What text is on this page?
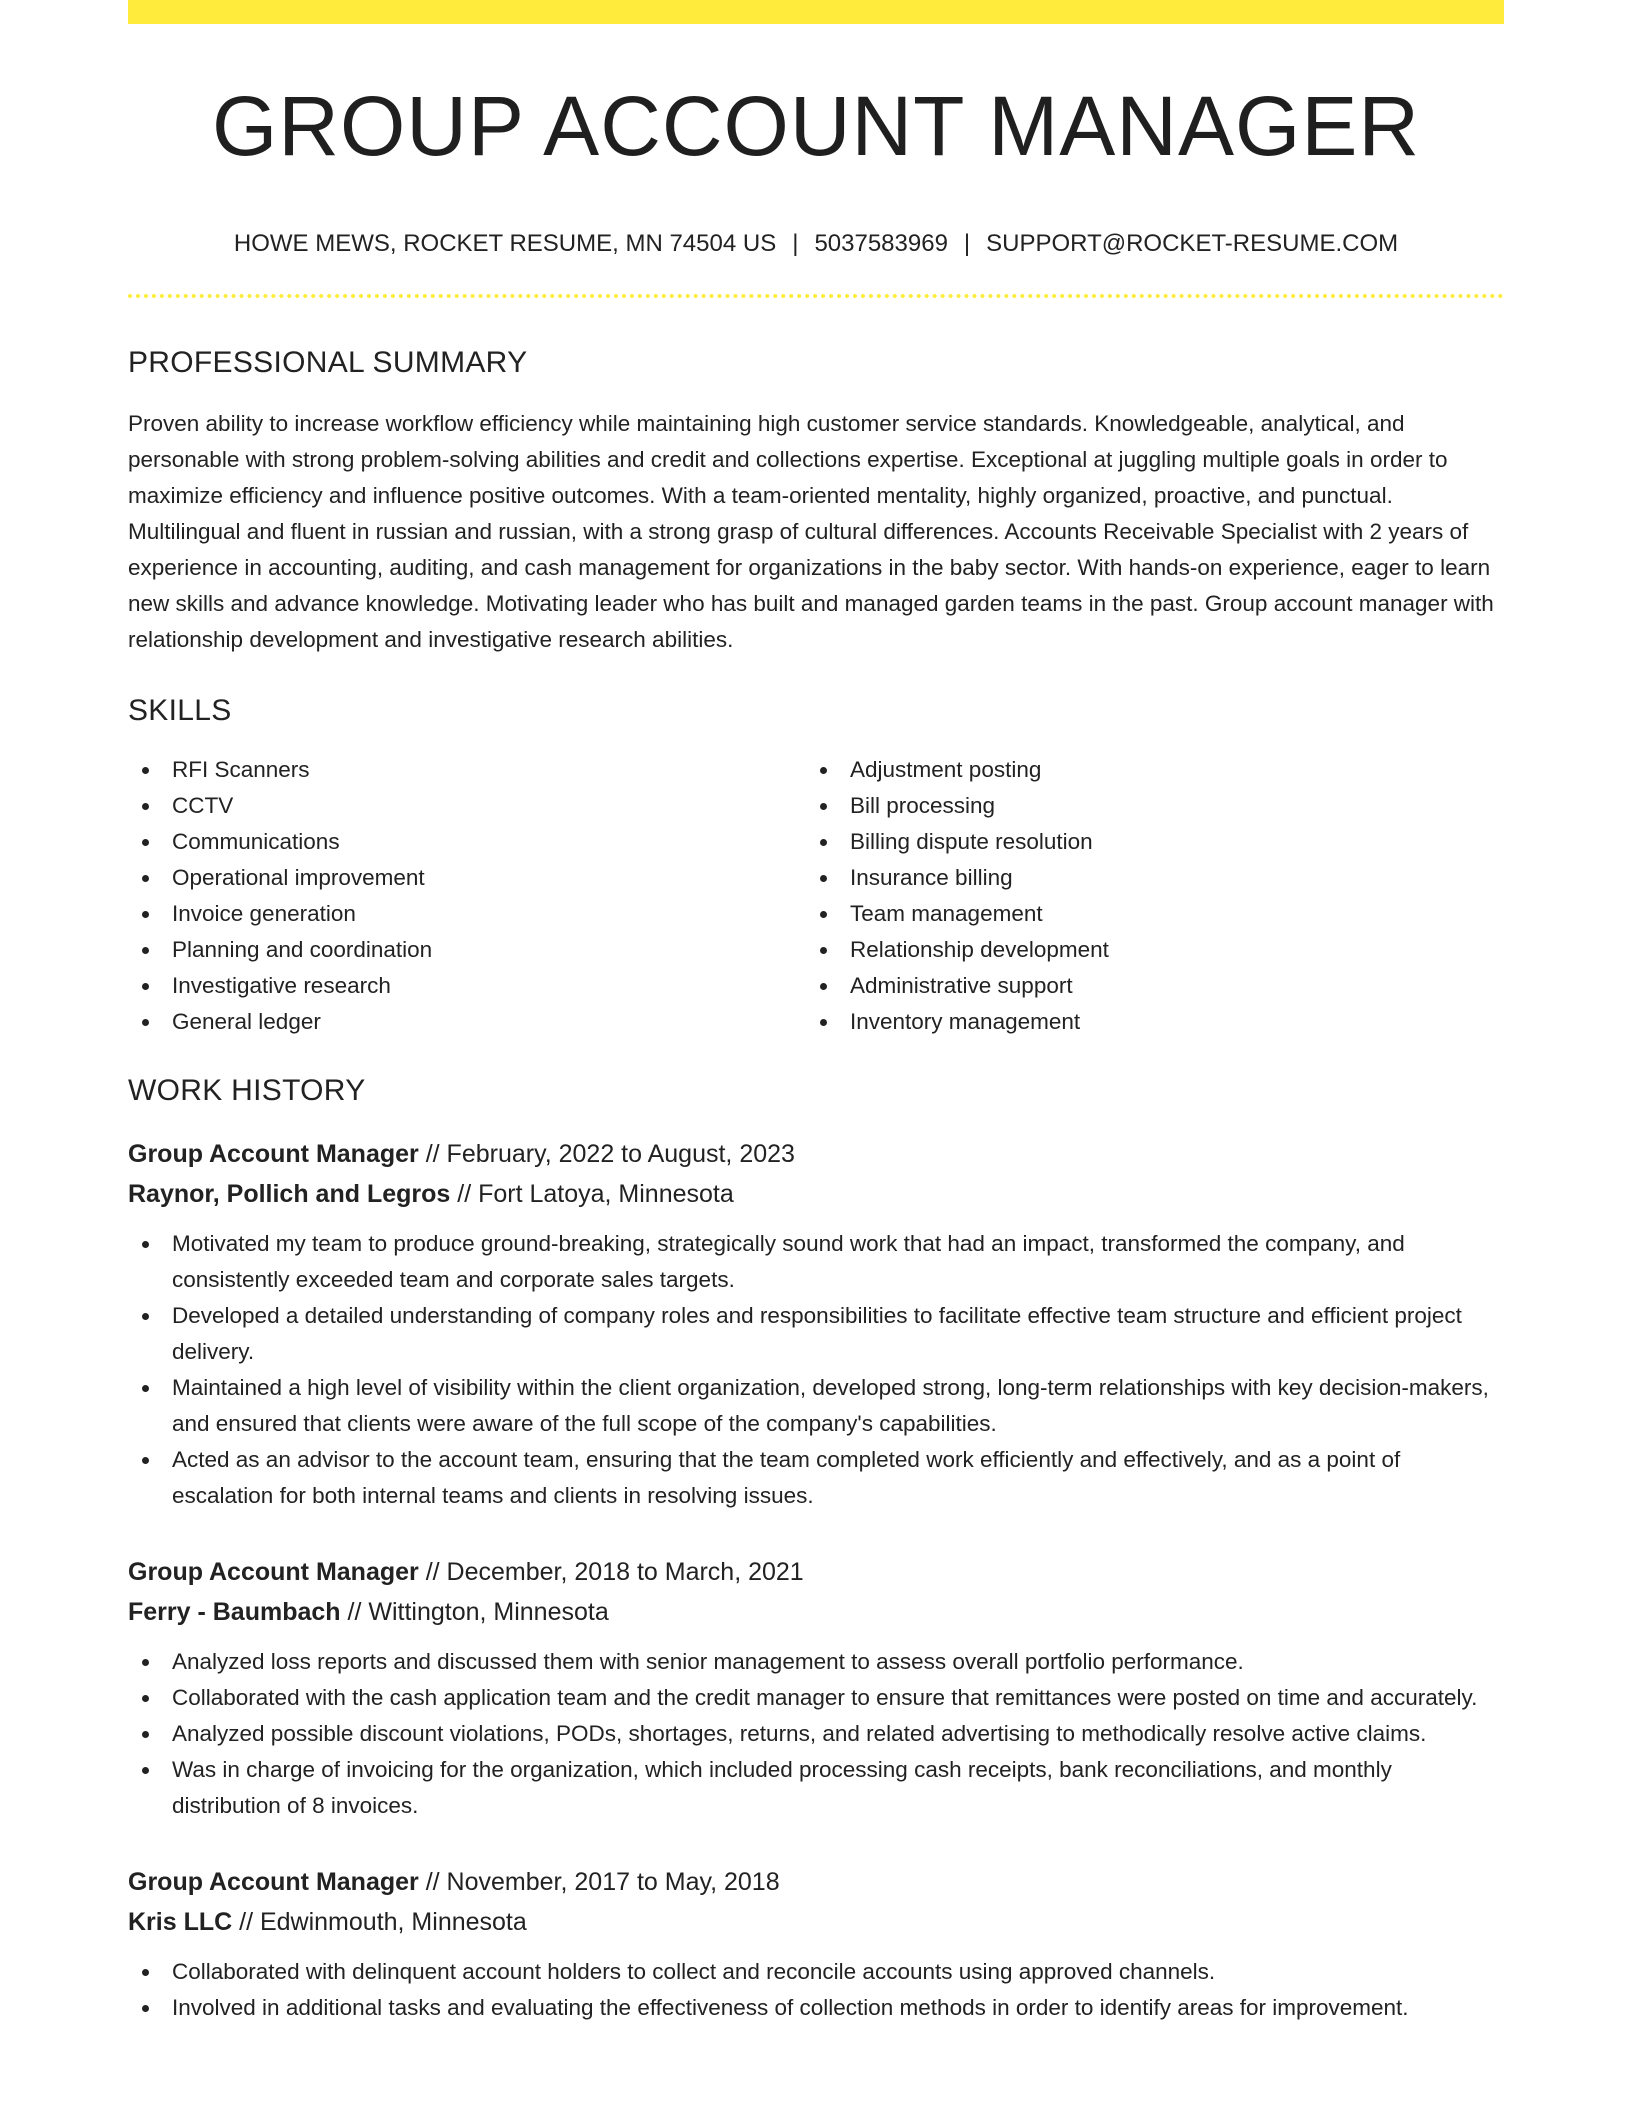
GROUP ACCOUNT MANAGER
HOWE MEWS, ROCKET RESUME, MN 74504 US | 5037583969 | SUPPORT@ROCKET-RESUME.COM
PROFESSIONAL SUMMARY
Proven ability to increase workflow efficiency while maintaining high customer service standards. Knowledgeable, analytical, and personable with strong problem-solving abilities and credit and collections expertise. Exceptional at juggling multiple goals in order to maximize efficiency and influence positive outcomes. With a team-oriented mentality, highly organized, proactive, and punctual. Multilingual and fluent in russian and russian, with a strong grasp of cultural differences. Accounts Receivable Specialist with 2 years of experience in accounting, auditing, and cash management for organizations in the baby sector. With hands-on experience, eager to learn new skills and advance knowledge. Motivating leader who has built and managed garden teams in the past. Group account manager with relationship development and investigative research abilities.
SKILLS
RFI Scanners
CCTV
Communications
Operational improvement
Invoice generation
Planning and coordination
Investigative research
General ledger
Adjustment posting
Bill processing
Billing dispute resolution
Insurance billing
Team management
Relationship development
Administrative support
Inventory management
WORK HISTORY
Group Account Manager // February, 2022 to August, 2023
Raynor, Pollich and Legros // Fort Latoya, Minnesota
Motivated my team to produce ground-breaking, strategically sound work that had an impact, transformed the company, and consistently exceeded team and corporate sales targets.
Developed a detailed understanding of company roles and responsibilities to facilitate effective team structure and efficient project delivery.
Maintained a high level of visibility within the client organization, developed strong, long-term relationships with key decision-makers, and ensured that clients were aware of the full scope of the company's capabilities.
Acted as an advisor to the account team, ensuring that the team completed work efficiently and effectively, and as a point of escalation for both internal teams and clients in resolving issues.
Group Account Manager // December, 2018 to March, 2021
Ferry - Baumbach // Wittington, Minnesota
Analyzed loss reports and discussed them with senior management to assess overall portfolio performance.
Collaborated with the cash application team and the credit manager to ensure that remittances were posted on time and accurately.
Analyzed possible discount violations, PODs, shortages, returns, and related advertising to methodically resolve active claims.
Was in charge of invoicing for the organization, which included processing cash receipts, bank reconciliations, and monthly distribution of 8 invoices.
Group Account Manager // November, 2017 to May, 2018
Kris LLC // Edwinmouth, Minnesota
Collaborated with delinquent account holders to collect and reconcile accounts using approved channels.
Involved in additional tasks and evaluating the effectiveness of collection methods in order to identify areas for improvement.
